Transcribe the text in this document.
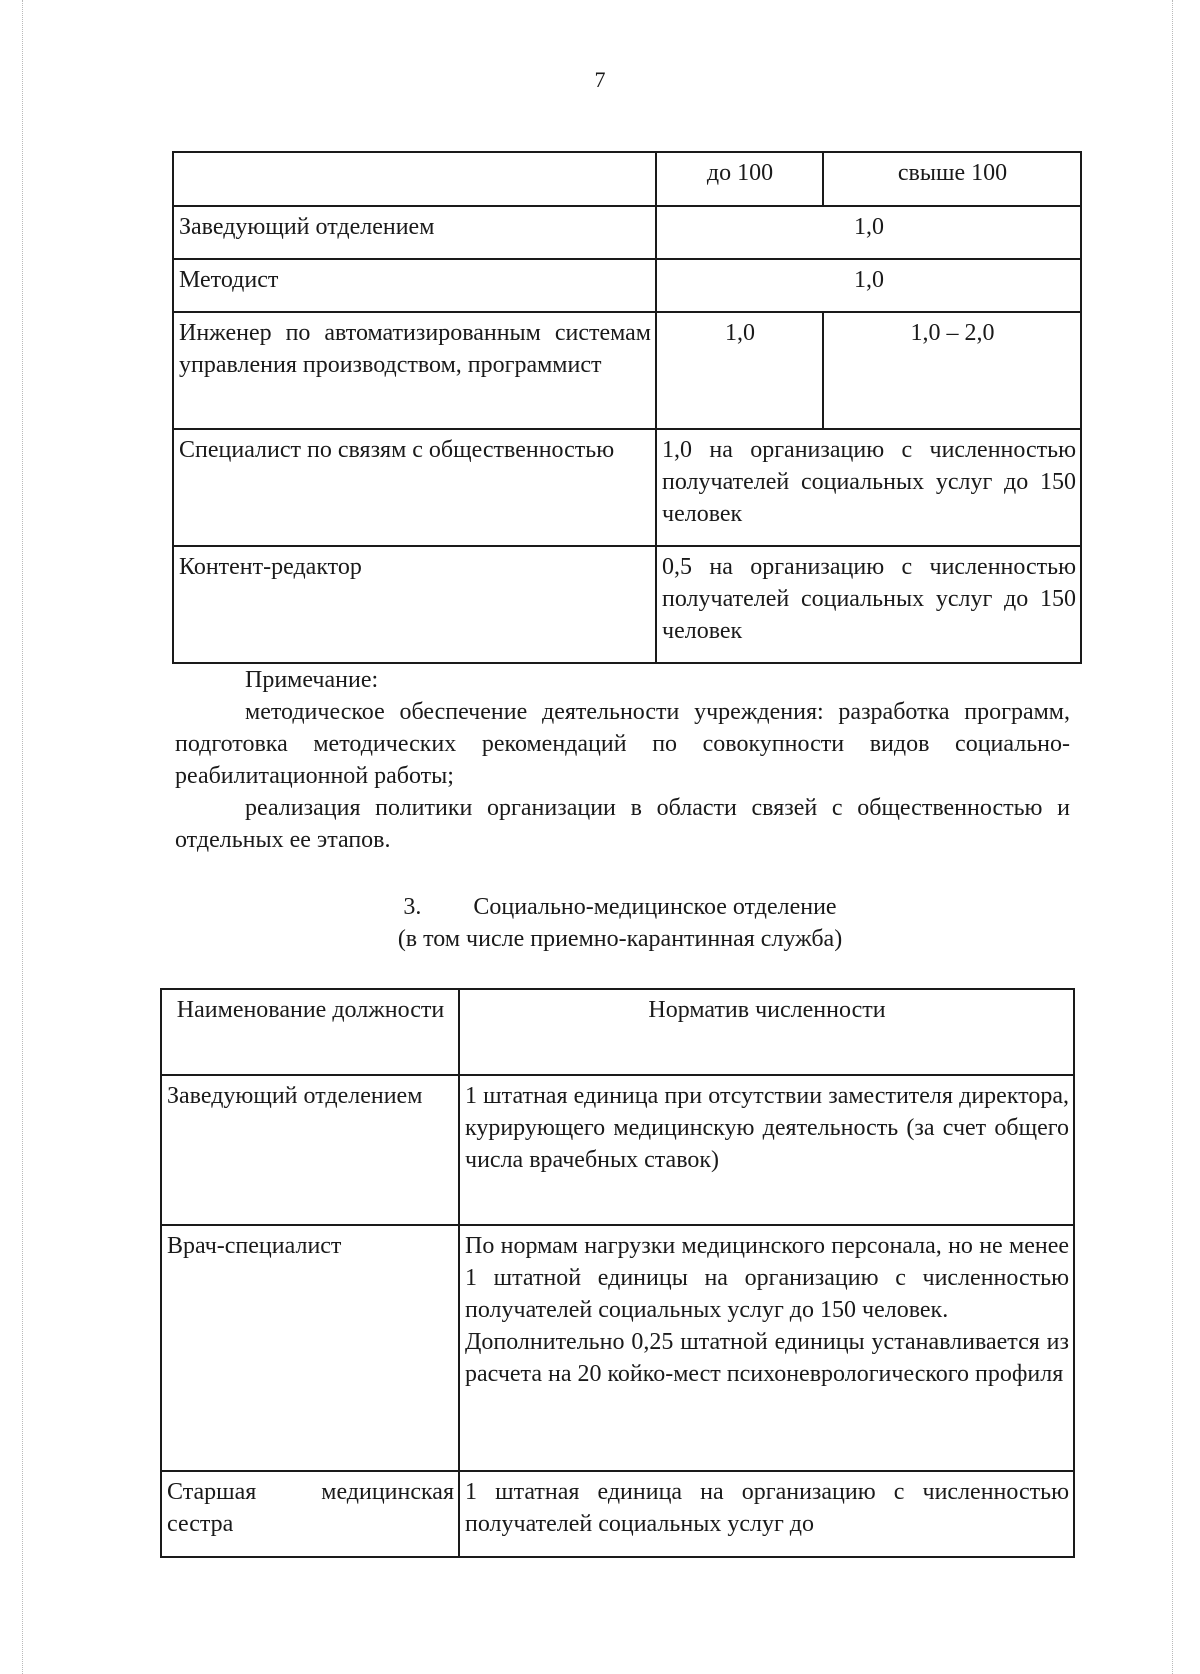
7
	до 100	свыше 100
Заведующий отделением	1,0	
Методист	1,0	
Инженер по автоматизированным системам управления производством, программист	1,0	1,0 – 2,0
Специалист по связям с общественностью	1,0 на организацию с численностью получателей социальных услуг до 150 человек	
Контент-редактор	0,5 на организацию с численностью получателей социальных услуг до 150 человек	

Примечание:

методическое обеспечение деятельности учреждения: разработка программ, подготовка методических рекомендаций по совокупности видов социально-реабилитационной работы;

реализация политики организации в области связей с общественностью и отдельных ее этапов.

3. Социально-медицинское отделение

(в том числе приемно-карантинная служба)

Наименование должности	Норматив численности
Заведующий отделением	1 штатная единица при отсутствии заместителя директора, курирующего медицинскую деятельность (за счет общего числа врачебных ставок)
Врач-специалист	По нормам нагрузки медицинского персонала, но не менее 1 штатной единицы на организацию с численностью получателей социальных услуг до 150 человек.
Дополнительно 0,25 штатной единицы устанавливается из расчета на 20 койко-мест психоневрологического профиля

Старшая медицинская сестра	1 штатная единица на организацию с численностью получателей социальных услуг до
